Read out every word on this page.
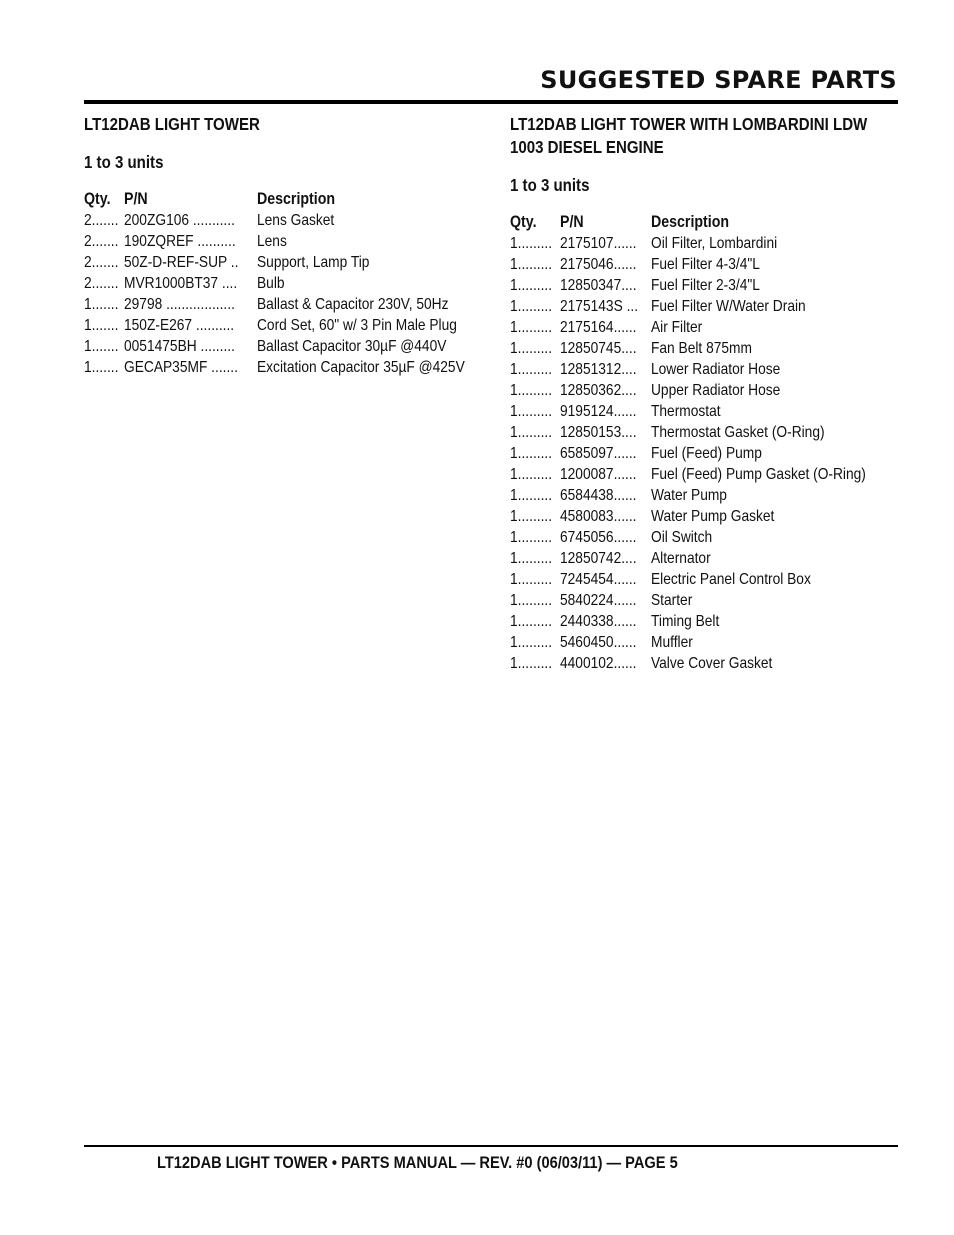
SUGGESTED SPARE PARTS
LT12DAB LIGHT TOWER
1 to 3 units
Qty.	P/N	Description
2.......	200ZG106 ...........	Lens Gasket
2.......	190ZQREF ..........	Lens
2.......	50Z-D-REF-SUP ..	Support, Lamp Tip
2.......	MVR1000BT37 ....	Bulb
1.......	29798 ..................	Ballast & Capacitor 230V, 50Hz
1.......	150Z-E267 ..........	Cord Set, 60" w/ 3 Pin Male Plug
1.......	0051475BH .........	Ballast Capacitor 30µF @440V
1.......	GECAP35MF .......	Excitation Capacitor 35µF @425V
LT12DAB LIGHT TOWER WITH LOMBARDINI LDW
1003 DIESEL ENGINE
1 to 3 units
Qty.	P/N	Description
1.........	2175107......	Oil Filter, Lombardini
1.........	2175046......	Fuel Filter 4-3/4"L
1.........	12850347....	Fuel Filter 2-3/4"L
1.........	2175143S ...	Fuel Filter W/Water Drain
1.........	2175164......	Air Filter
1.........	12850745....	Fan Belt 875mm
1.........	12851312....	Lower Radiator Hose
1.........	12850362....	Upper Radiator Hose
1.........	9195124......	Thermostat
1.........	12850153....	Thermostat Gasket (O-Ring)
1.........	6585097......	Fuel (Feed) Pump
1.........	1200087......	Fuel (Feed) Pump Gasket (O-Ring)
1.........	6584438......	Water Pump
1.........	4580083......	Water Pump Gasket
1.........	6745056......	Oil Switch
1.........	12850742....	Alternator
1.........	7245454......	Electric Panel Control Box
1.........	5840224......	Starter
1.........	2440338......	Timing Belt
1.........	5460450......	Muffler
1.........	4400102......	Valve Cover Gasket
LT12DAB LIGHT TOWER • PARTS MANUAL — REV. #0 (06/03/11) — PAGE 5
